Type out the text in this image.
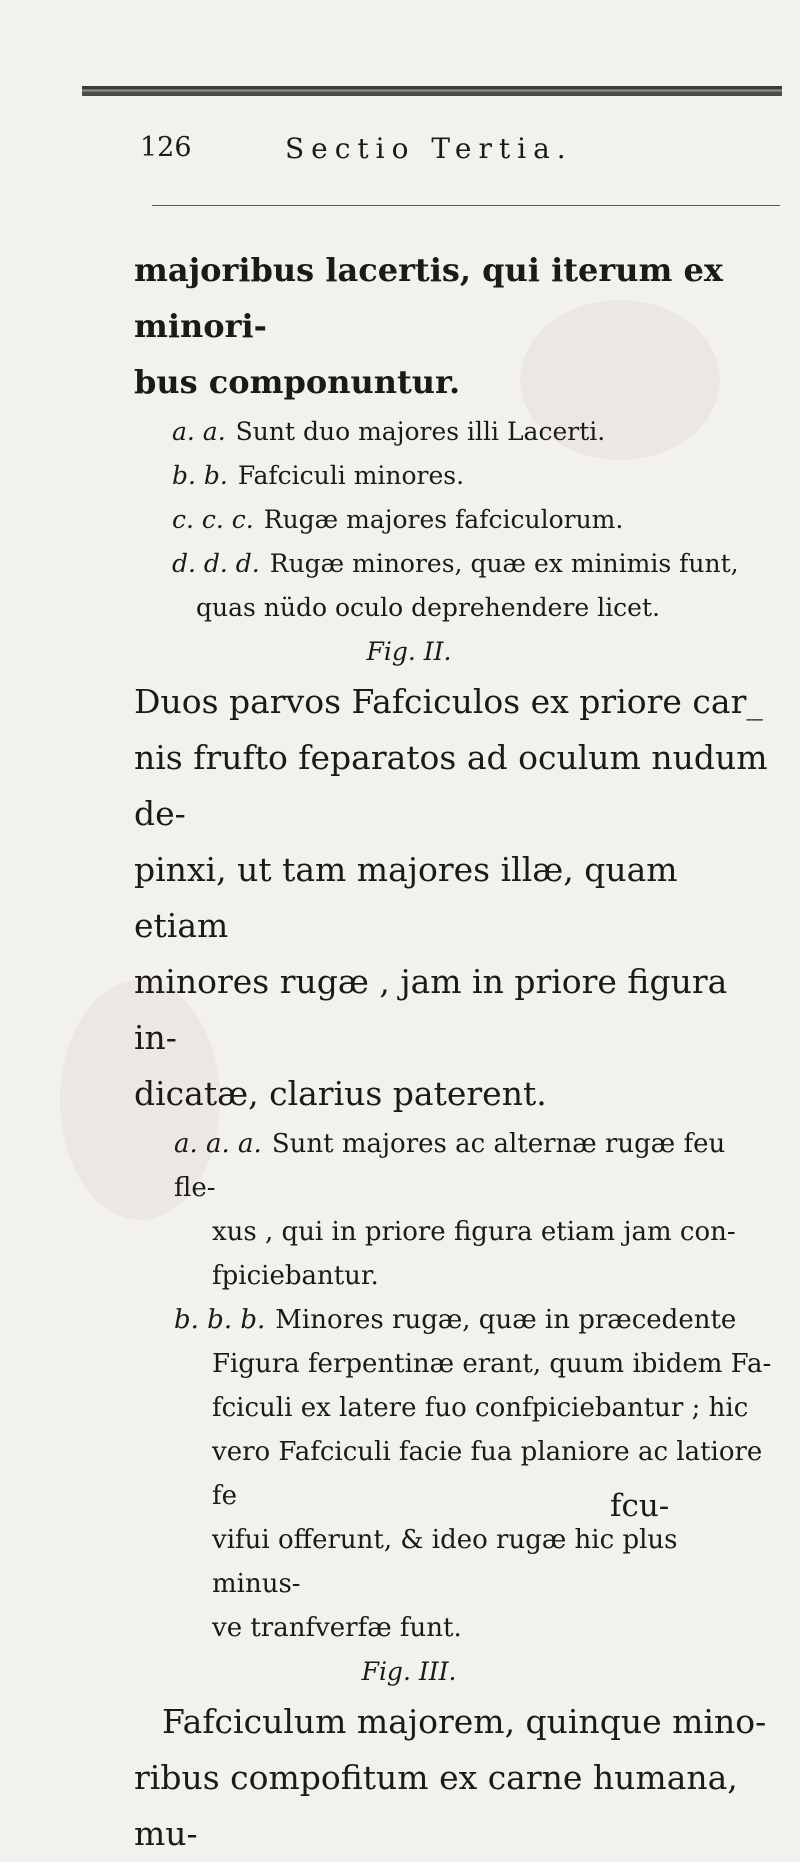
126	Sectio Tertia.

majoribus lacertis, qui iterum ex minori-

bus componuntur.

a. a. Sunt duo majores illi Lacerti.

b. b. Fafciculi minores.

c. c. c. Rugæ majores fafciculorum.

d. d. d. Rugæ minores, quæ ex minimis funt,

quas nüdo oculo deprehendere licet.

Fig. II.

Duos parvos Fafciculos ex priore car_

nis frufto feparatos ad oculum nudum de-

pinxi, ut tam majores illæ, quam etiam

minores rugæ , jam in priore figura in-

dicatæ, clarius paterent.

a. a. a. Sunt majores ac alternæ rugæ feu fle-

xus , qui in priore figura etiam jam con-

fpiciebantur.

b. b. b. Minores rugæ, quæ in præcedente

Figura ferpentinæ erant, quum ibidem Fa-

fciculi ex latere fuo confpiciebantur ; hic

vero Fafciculi facie fua planiore ac latiore fe

vifui offerunt, & ideo rugæ hic plus minus-

ve tranfverfæ funt.

Fig. III.

Fafciculum majorem, quinque mino-

ribus compofitum ex carne humana, mu-

fcu-
